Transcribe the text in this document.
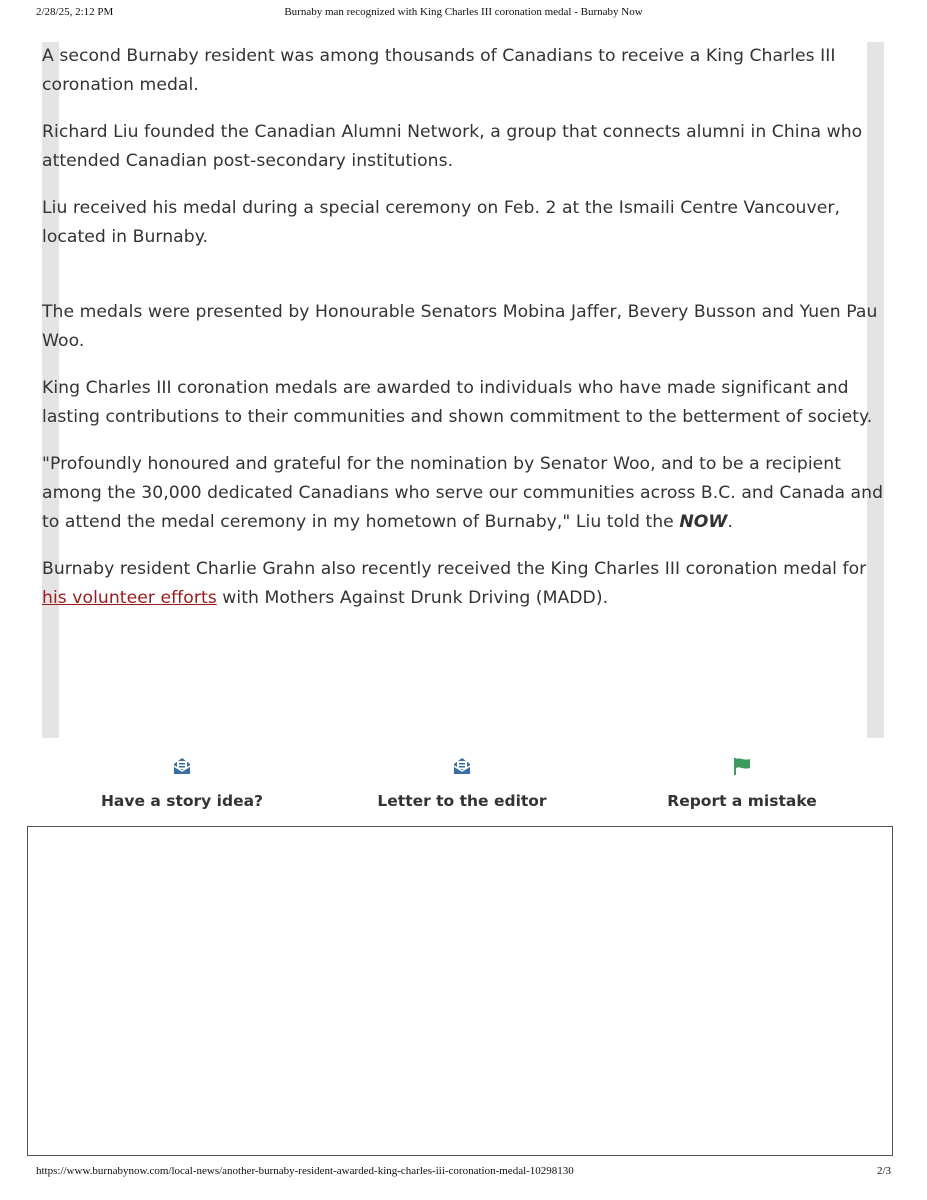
2/28/25, 2:12 PM	Burnaby man recognized with King Charles III coronation medal - Burnaby Now

A second Burnaby resident was among thousands of Canadians to receive a King Charles III coronation medal.

Richard Liu founded the Canadian Alumni Network, a group that connects alumni in China who attended Canadian post-secondary institutions.

Liu received his medal during a special ceremony on Feb. 2 at the Ismaili Centre Vancouver, located in Burnaby.

The medals were presented by Honourable Senators Mobina Jaffer, Bevery Busson and Yuen Pau Woo.

King Charles III coronation medals are awarded to individuals who have made significant and lasting contributions to their communities and shown commitment to the betterment of society.

"Profoundly honoured and grateful for the nomination by Senator Woo, and to be a recipient among the 30,000 dedicated Canadians who serve our communities across B.C. and Canada and to attend the medal ceremony in my hometown of Burnaby," Liu told the NOW.

Burnaby resident Charlie Grahn also recently received the King Charles III coronation medal for his volunteer efforts with Mothers Against Drunk Driving (MADD).

Have a story idea?	Letter to the editor	Report a mistake
https://www.burnabynow.com/local-news/another-burnaby-resident-awarded-king-charles-iii-coronation-medal-10298130	2/3
